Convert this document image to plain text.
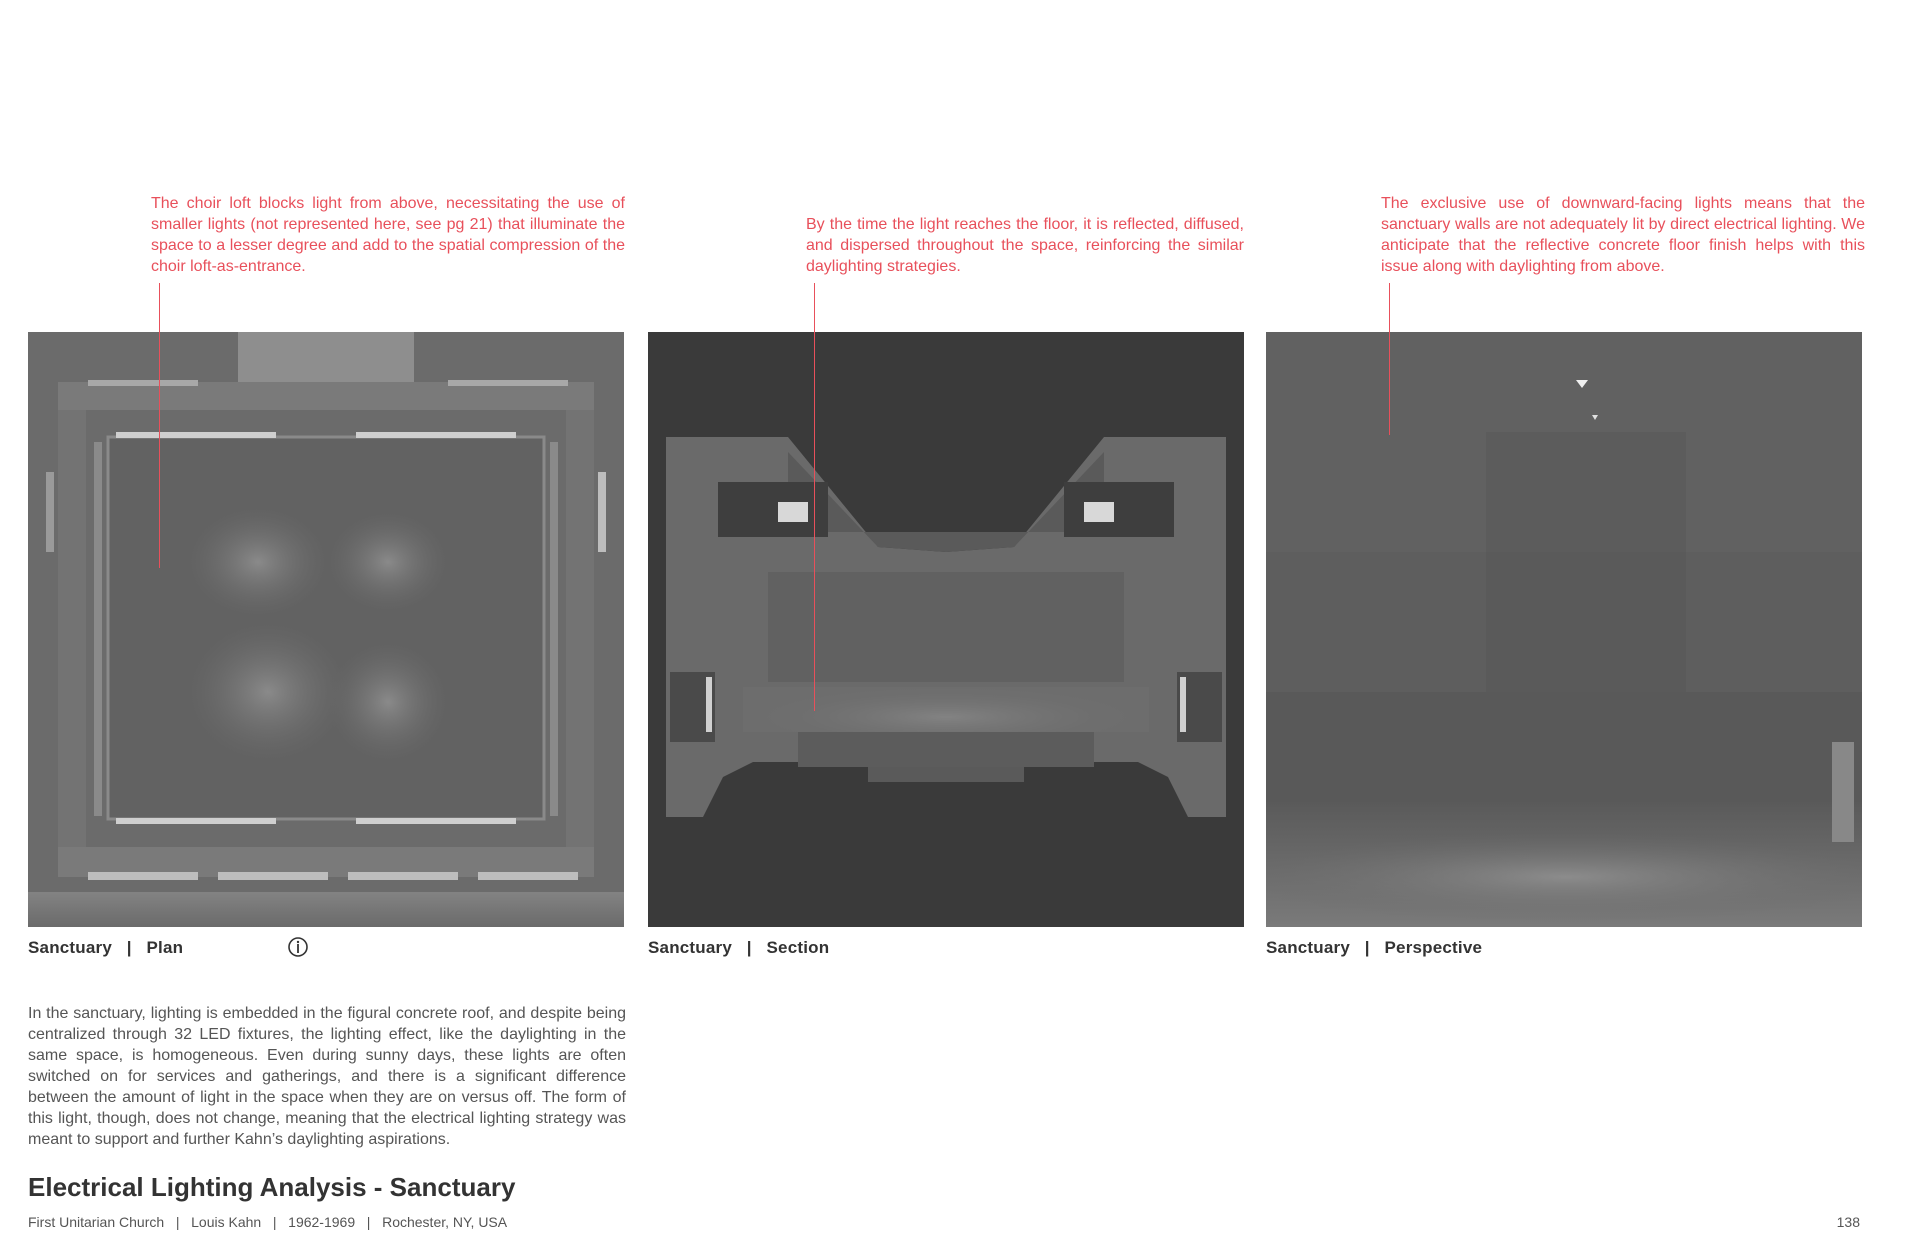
The choir loft blocks light from above, necessitating the use of smaller lights (not represented here, see pg 21) that illuminate the space to a lesser degree and add to the spatial compression of the choir loft-as-entrance.

By the time the light reaches the floor, it is reflected, diffused, and dispersed throughout the space, reinforcing the similar daylighting strategies.

The exclusive use of downward-facing lights means that the sanctuary walls are not adequately lit by direct electrical lighting. We anticipate that the reflective concrete floor finish helps with this issue along with daylighting from above.

Sanctuary   |   Plan	Sanctuary   |   Section	Sanctuary   |   Perspective

In the sanctuary, lighting is embedded in the figural concrete roof, and despite being centralized through 32 LED fixtures, the lighting effect, like the daylighting in the same space, is homogeneous. Even during sunny days, these lights are often switched on for services and gatherings, and there is a significant difference between the amount of light in the space when they are on versus off. The form of this light, though, does not change, meaning that the electrical lighting strategy was meant to support and further Kahn’s daylighting aspirations.

Electrical Lighting Analysis - Sanctuary
First Unitarian Church   |   Louis Kahn   |   1962-1969   |   Rochester, NY, USA	138
